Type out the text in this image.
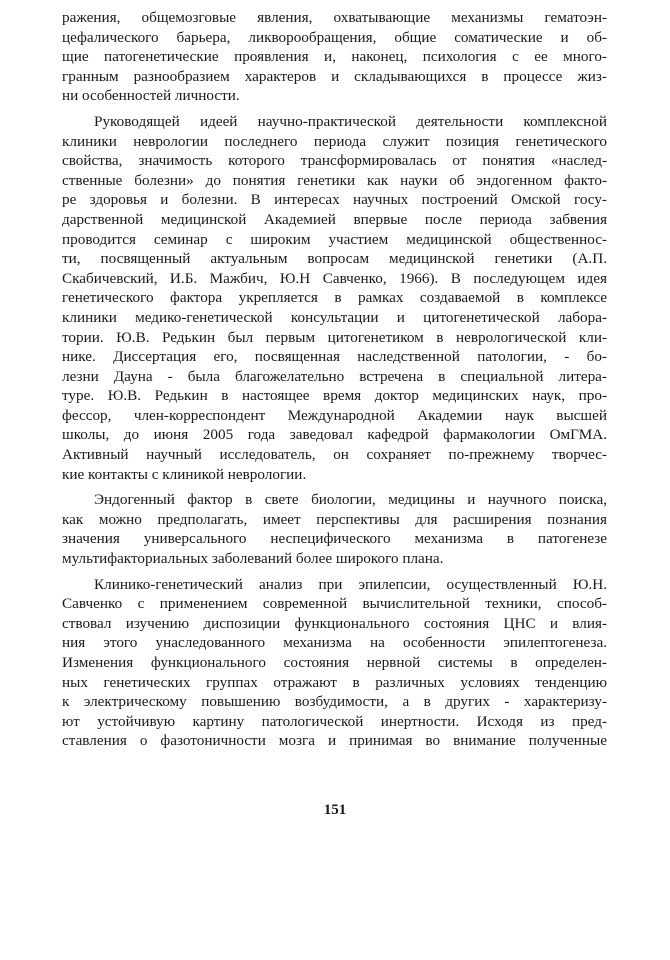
ражения, общемозговые явления, охватывающие механизмы гематоэн-
цефалического барьера, ликворообращения, общие соматические и об-
щие патогенетические проявления и, наконец, психология с ее много-
гранным разнообразием характеров и складывающихся в процессе жиз-
ни особенностей личности.
Руководящей идеей научно-практической деятельности комплексной
клиники неврологии последнего периода служит позиция генетического
свойства, значимость которого трансформировалась от понятия «наслед-
ственные болезни» до понятия генетики как науки об эндогенном факто-
ре здоровья и болезни. В интересах научных построений Омской госу-
дарственной медицинской Академией впервые после периода забвения
проводится семинар с широким участием медицинской общественнос-
ти, посвященный актуальным вопросам медицинской генетики (А.П.
Скабичевский, И.Б. Мажбич, Ю.Н Савченко, 1966). В последующем идея
генетического фактора укрепляется в рамках создаваемой в комплексе
клиники медико-генетической консультации и цитогенетической лабора-
тории. Ю.В. Редькин был первым цитогенетиком в неврологической кли-
нике. Диссертация его, посвященная наследственной патологии, - бо-
лезни Дауна - была благожелательно встречена в специальной литера-
туре. Ю.В. Редькин в настоящее время доктор медицинских наук, про-
фессор, член-корреспондент Международной Академии наук высшей
школы, до июня 2005 года заведовал кафедрой фармакологии ОмГМА.
Активный научный исследователь, он сохраняет по-прежнему творчес-
кие контакты с клиникой неврологии.
Эндогенный фактор в свете биологии, медицины и научного поиска,
как можно предполагать, имеет перспективы для расширения познания
значения универсального неспецифического механизма в патогенезе
мультифакториальных заболеваний более широкого плана.
Клинико-генетический анализ при эпилепсии, осуществленный Ю.Н.
Савченко с применением современной вычислительной техники, способ-
ствовал изучению диспозиции функционального состояния ЦНС и влия-
ния этого унаследованного механизма на особенности эпилептогенеза.
Изменения функционального состояния нервной системы в определен-
ных генетических группах отражают в различных условиях тенденцию
к электрическому повышению возбудимости, а в других - характеризу-
ют устойчивую картину патологической инертности. Исходя из пред-
ставления о фазотоничности мозга и принимая во внимание полученные
151
